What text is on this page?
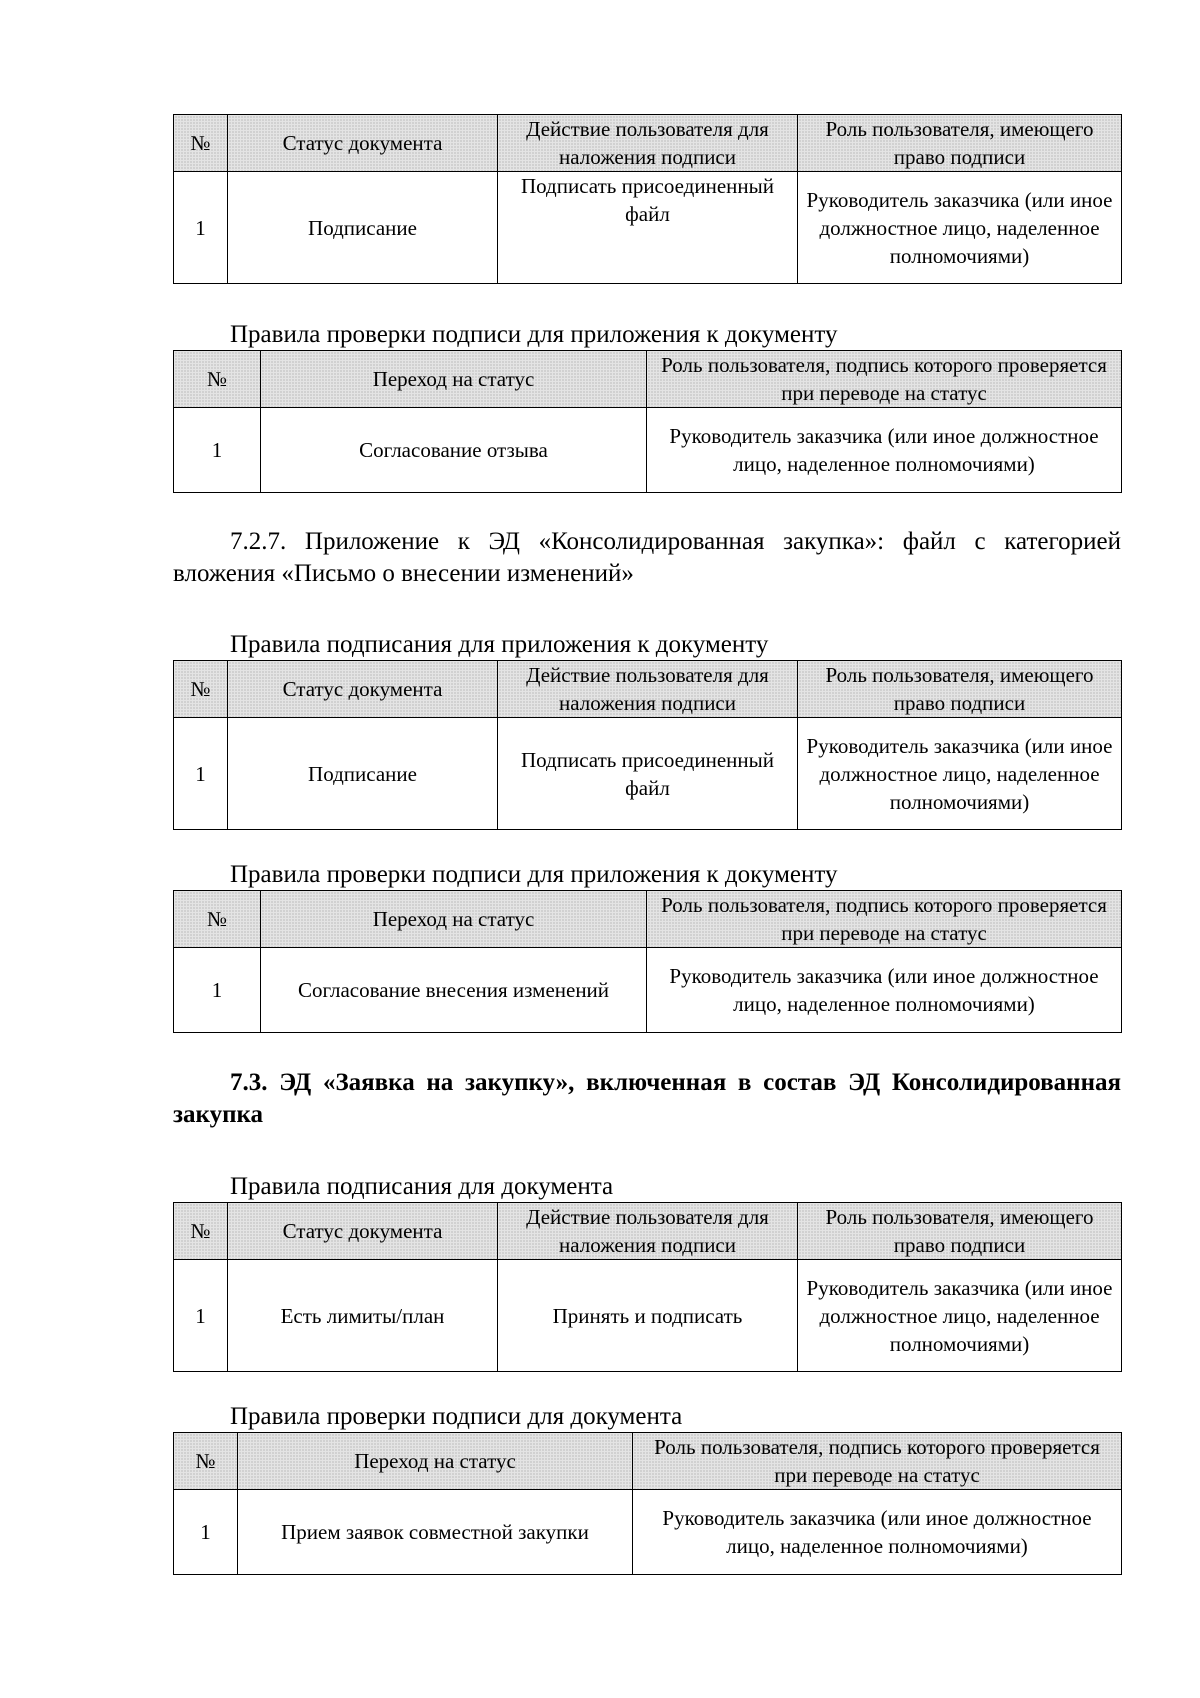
№	Статус документа	Действие пользователя для наложения подписи	Роль пользователя, имеющего право подписи
1	Подписание	Подписать присоединенный файл	Руководитель заказчика (или иное должностное лицо, наделенное полномочиями)
Правила проверки подписи для приложения к документу
№	Переход на статус	Роль пользователя, подпись которого проверяется при переводе на статус
1	Согласование отзыва	Руководитель заказчика (или иное должностное лицо, наделенное полномочиями)

7.2.7. Приложение к ЭД «Консолидированная закупка»: файл с категорией вложения «Письмо о внесении изменений»

Правила подписания для приложения к документу
№	Статус документа	Действие пользователя для наложения подписи	Роль пользователя, имеющего право подписи
1	Подписание	Подписать присоединенный файл	Руководитель заказчика (или иное должностное лицо, наделенное полномочиями)
Правила проверки подписи для приложения к документу
№	Переход на статус	Роль пользователя, подпись которого проверяется при переводе на статус
1	Согласование внесения изменений	Руководитель заказчика (или иное должностное лицо, наделенное полномочиями)

7.3. ЭД «Заявка на закупку», включенная в состав ЭД Консолидированная закупка

Правила подписания для документа
№	Статус документа	Действие пользователя для наложения подписи	Роль пользователя, имеющего право подписи
1	Есть лимиты/план	Принять и подписать	Руководитель заказчика (или иное должностное лицо, наделенное полномочиями)
Правила проверки подписи для документа
№	Переход на статус	Роль пользователя, подпись которого проверяется при переводе на статус
1	Прием заявок совместной закупки	Руководитель заказчика (или иное должностное лицо, наделенное полномочиями)
